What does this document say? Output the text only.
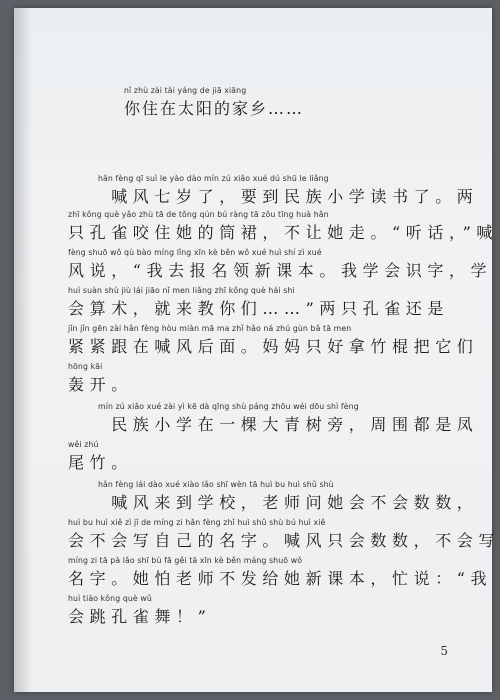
nǐ zhù zài tài yáng de jiā xiāng
你住在太阳的家乡……
hǎn fèng qī suì le yào dào mín zú xiǎo xué dú shū le liǎng
　　喊风七岁了，要到民族小学读书了。两
zhī kǒng què yǎo zhù tā de tǒng qún bú ràng tā zǒu tīng huà hǎn
只孔雀咬住她的筒裙，不让她走。“听话，”喊
fèng shuō wǒ qù bào míng lǐng xīn kè běn wǒ xué huì shí zì xué
风说，“我去报名领新课本。我学会识字，学
huì suàn shù jiù lái jiāo nǐ men liǎng zhī kǒng què hái shi
会算术，就来教你们……”两只孔雀还是
jǐn jǐn gēn zài hǎn fèng hòu miàn mā ma zhǐ hǎo ná zhú gùn bǎ tā men
紧紧跟在喊风后面。妈妈只好拿竹棍把它们
hōng kāi
轰开。
mín zú xiǎo xué zài yì kē dà qīng shù páng zhōu wéi dōu shì fèng
　　民族小学在一棵大青树旁，周围都是凤
wěi zhú
尾竹。
hǎn fèng lái dào xué xiào lǎo shī wèn tā huì bu huì shǔ shù
　　喊风来到学校，老师问她会不会数数，
huì bu huì xiě zì jǐ de míng zi hǎn fèng zhǐ huì shǔ shù bú huì xiě
会不会写自己的名字。喊风只会数数，不会写
míng zi tā pà lǎo shī bù fā gěi tā xīn kè běn máng shuō wǒ
名字。她怕老师不发给她新课本，忙说：“我
huì tiào kǒng què wǔ
会跳孔雀舞！”
5
